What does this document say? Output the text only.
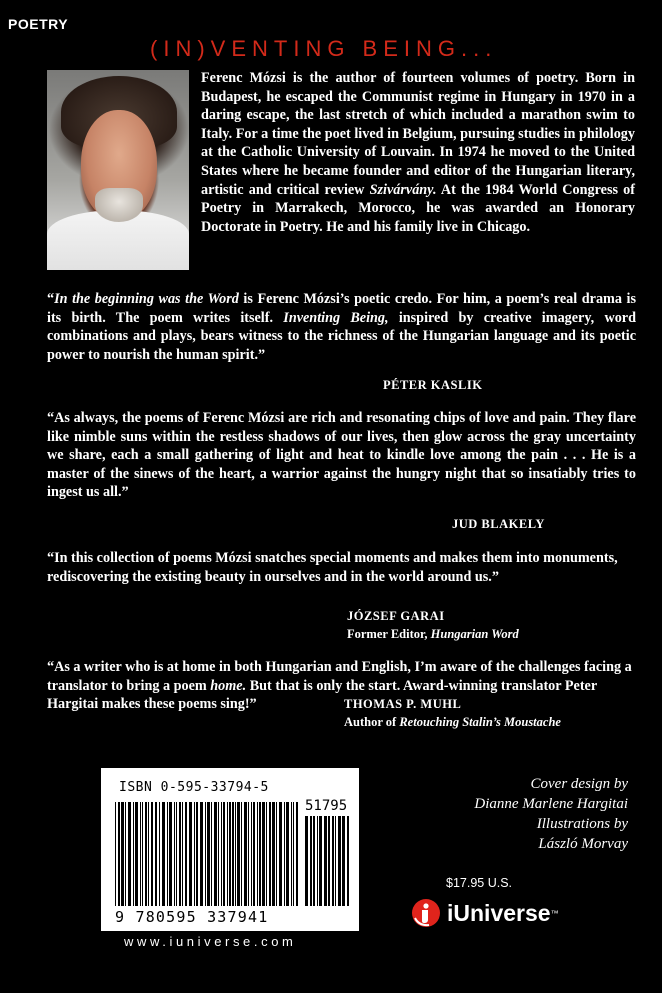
POETRY
(IN)VENTING BEING...

Ferenc Mózsi is the author of fourteen volumes of poetry. Born in Budapest, he escaped the Communist regime in Hungary in 1970 in a daring escape, the last stretch of which included a marathon swim to Italy. For a time the poet lived in Belgium, pursuing studies in philology at the Catholic University of Louvain. In 1974 he moved to the United States where he became founder and editor of the Hungarian literary, artistic and critical review Szivárvány. At the 1984 World Congress of Poetry in Marrakech, Morocco, he was awarded an Honorary Doctorate in Poetry. He and his family live in Chicago.

“In the beginning was the Word is Ferenc Mózsi’s poetic credo. For him, a poem’s real drama is its birth. The poem writes itself. Inventing Being, inspired by creative imagery, word combinations and plays, bears witness to the richness of the Hungarian language and its poetic power to nourish the human spirit.”

PÉTER KASLIK

“As always, the poems of Ferenc Mózsi are rich and resonating chips of love and pain. They flare like nimble suns within the restless shadows of our lives, then glow across the gray uncertainty we share, each a small gathering of light and heat to kindle love among the pain . . . He is a master of the sinews of the heart, a warrior against the hungry night that so insatiably tries to ingest us all.”

JUD BLAKELY

“In this collection of poems Mózsi snatches special moments and makes them into monuments, rediscovering the existing beauty in ourselves and in the world around us.”

JÓZSEF GARAI
Former Editor, Hungarian Word

“As a writer who is at home in both Hungarian and English, I’m aware of the challenges facing a translator to bring a poem home. But that is only the start. Award-winning translator Peter Hargitai makes these poems sing!”	THOMAS P. MUHL
Author of Retouching Stalin’s Moustache
ISBN 0-595-33794-5
51795
9 780595 337941
www.iuniverse.com
Cover design by
Dianne Marlene Hargitai
Illustrations by
László Morvay
$17.95 U.S.
iUniverse ™
